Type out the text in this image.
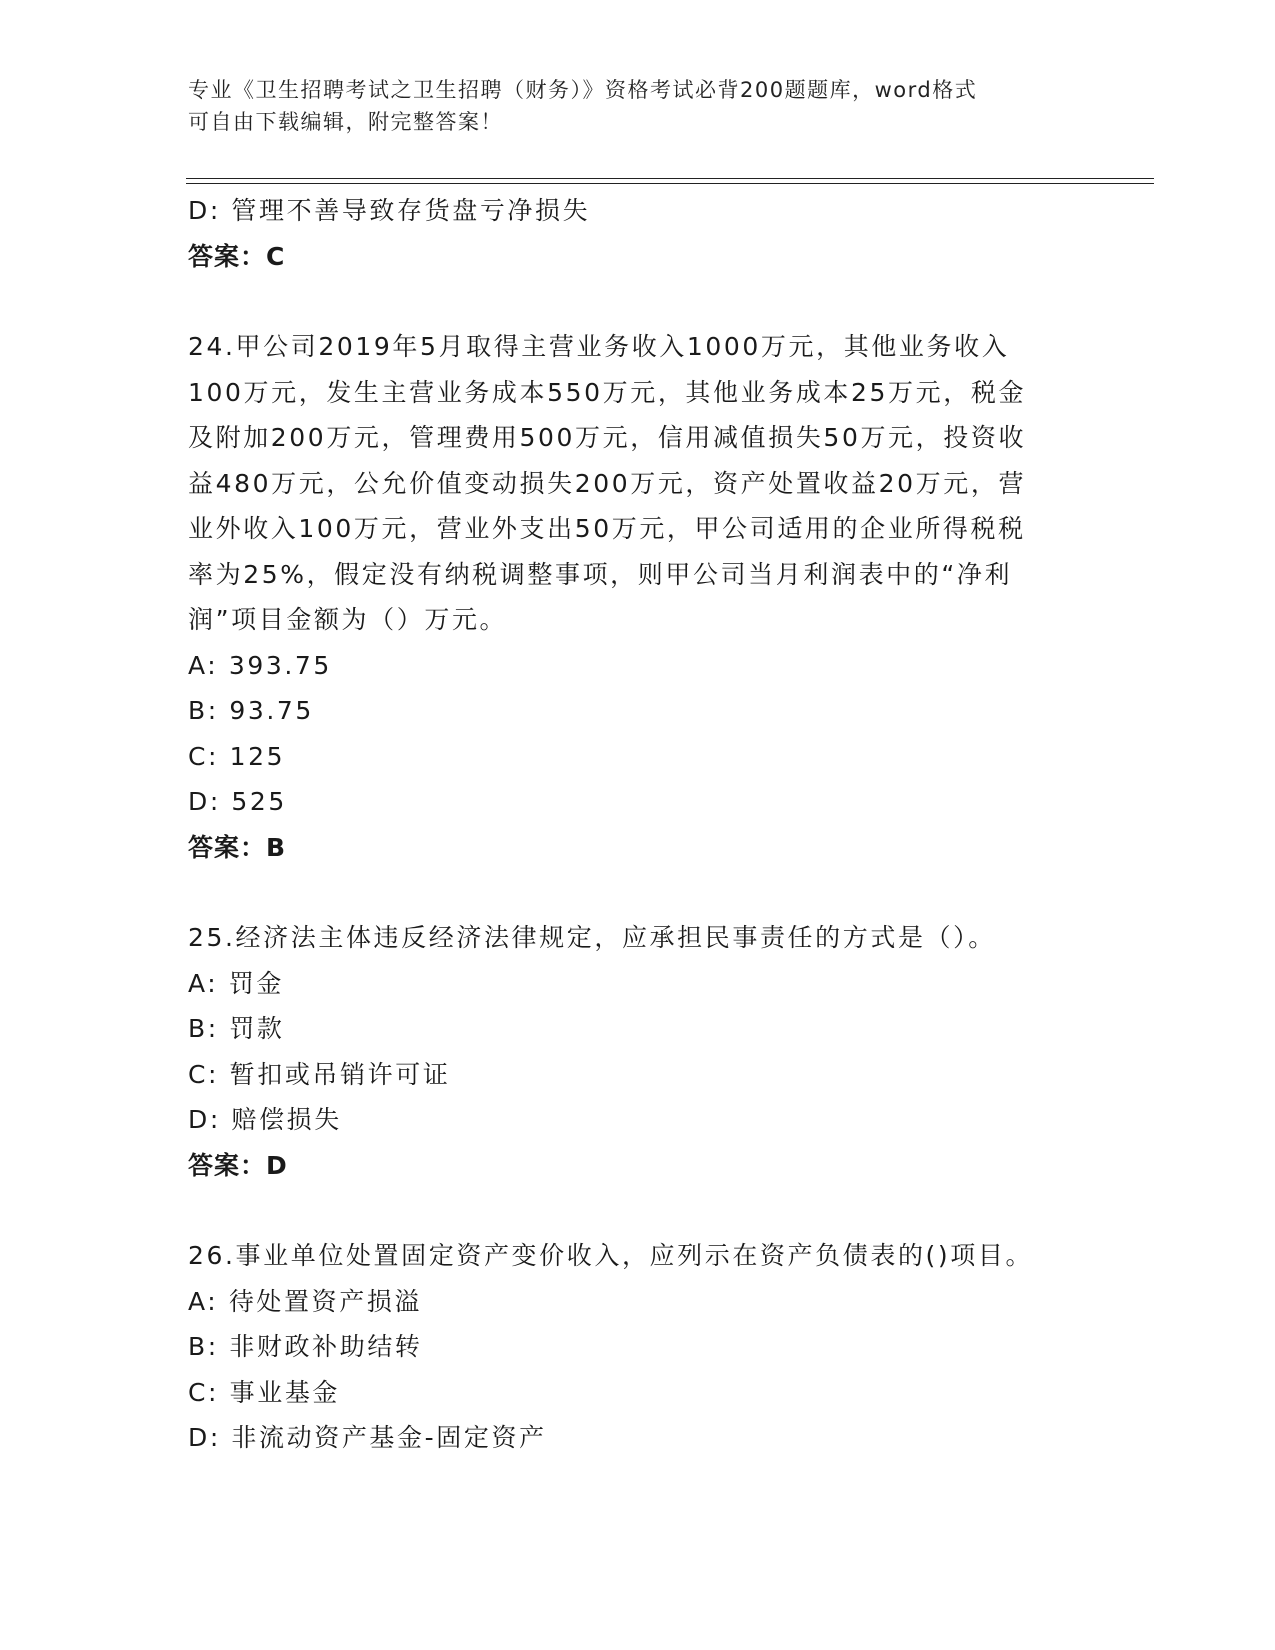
专业《卫生招聘考试之卫生招聘（财务）》资格考试必背200题题库，word格式
可自由下载编辑，附完整答案！
D: 管理不善导致存货盘亏净损失
答案：C
24.甲公司2019年5月取得主营业务收入1000万元，其他业务收入
100万元，发生主营业务成本550万元，其他业务成本25万元，税金
及附加200万元，管理费用500万元，信用减值损失50万元，投资收
益480万元，公允价值变动损失200万元，资产处置收益20万元，营
业外收入100万元，营业外支出50万元，甲公司适用的企业所得税税
率为25%，假定没有纳税调整事项，则甲公司当月利润表中的“净利
润”项目金额为（）万元。
A: 393.75
B: 93.75
C: 125
D: 525
答案：B
25.经济法主体违反经济法律规定，应承担民事责任的方式是（）。
A: 罚金
B: 罚款
C: 暂扣或吊销许可证
D: 赔偿损失
答案：D
26.事业单位处置固定资产变价收入，应列示在资产负债表的()项目。
A: 待处置资产损溢
B: 非财政补助结转
C: 事业基金
D: 非流动资产基金-固定资产
